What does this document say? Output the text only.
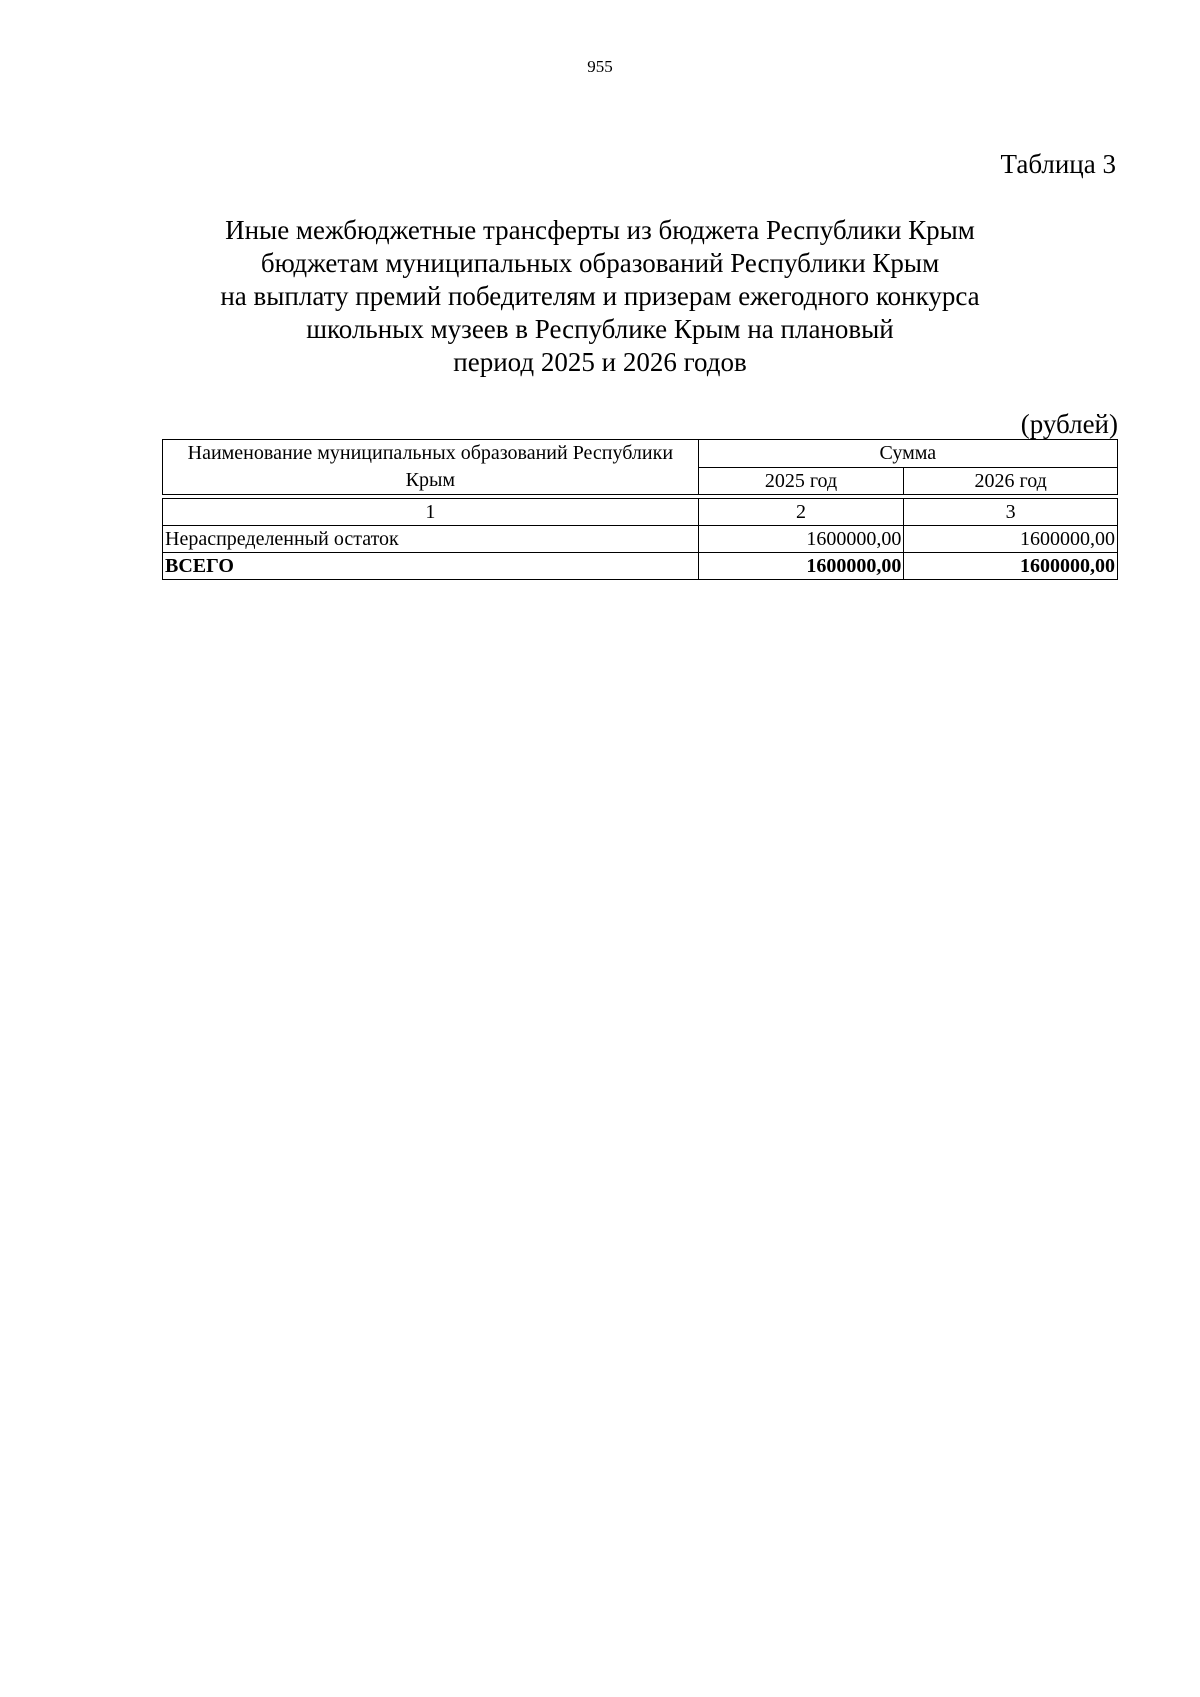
955
Таблица 3
Иные межбюджетные трансферты из бюджета Республики Крым
бюджетам муниципальных образований Республики Крым
на выплату премий победителям и призерам ежегодного конкурса
школьных музеев в Республике Крым на плановый
период 2025 и 2026 годов
(рублей)
Наименование муниципальных образований Республики Крым	Сумма	
	2025 год	2026 год

1	2	3
Нераспределенный остаток	1600000,00	1600000,00
ВСЕГО	1600000,00	1600000,00
